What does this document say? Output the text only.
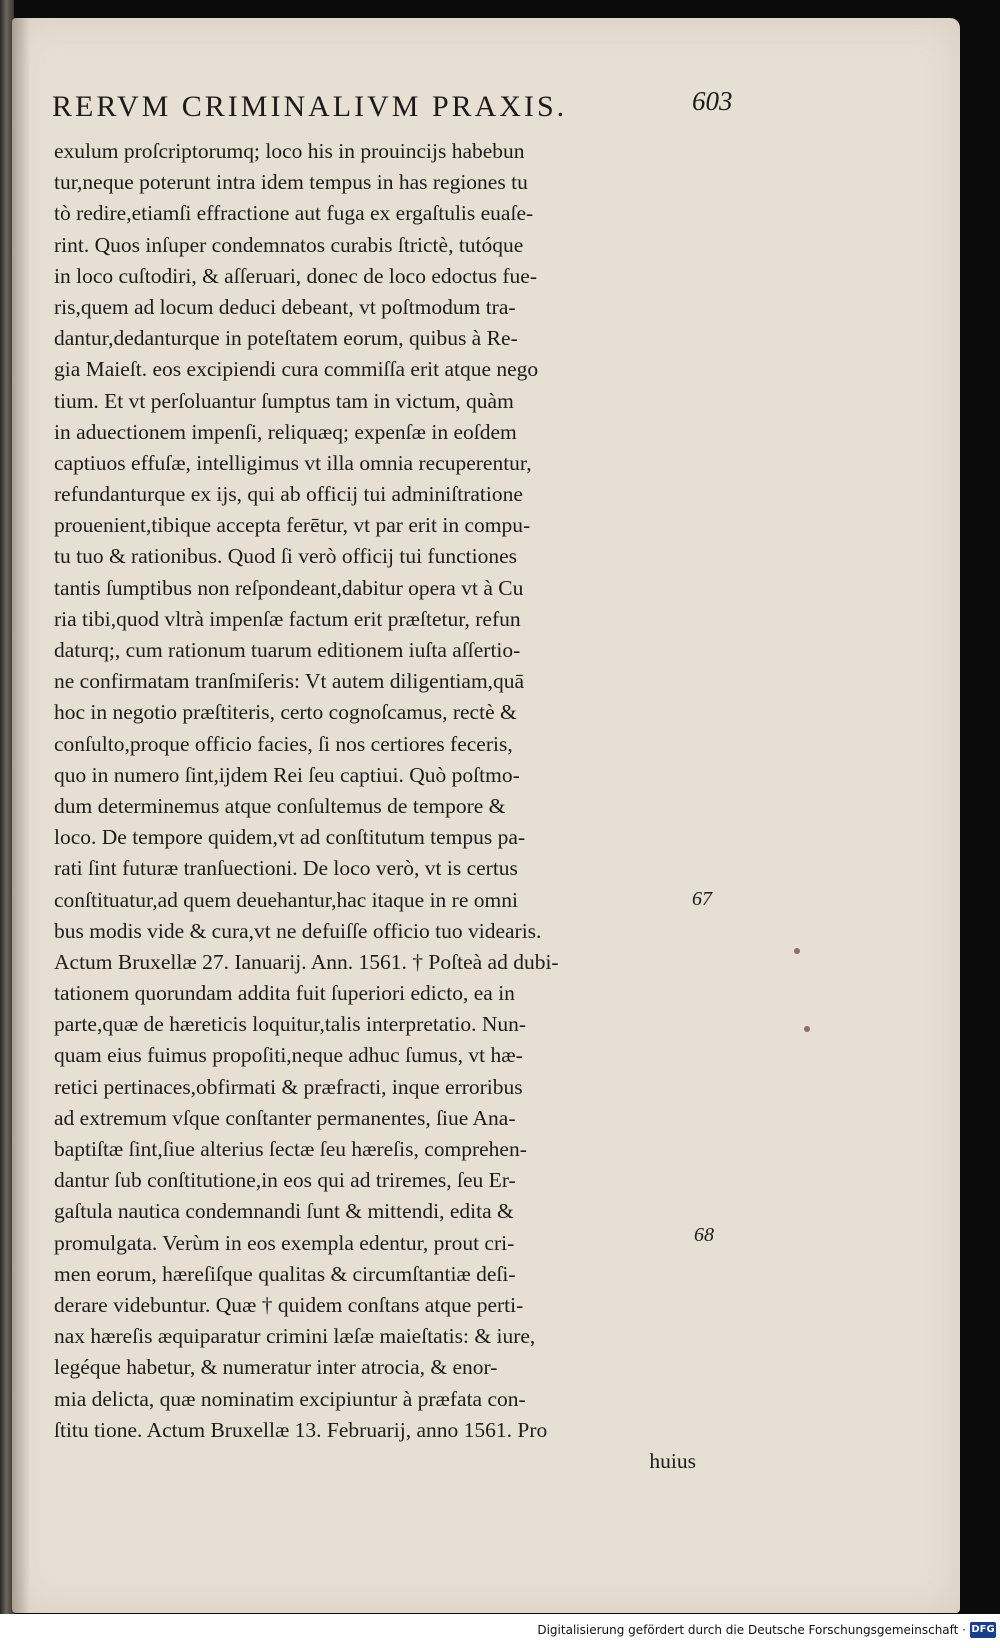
RERVM CRIMINALIVM PRAXIS.	603
exulum proſcriptorumq; loco his in prouincijs habebun
tur,neque poterunt intra idem tempus in has regiones tu
tò redire,etiamſi effractione aut fuga ex ergaſtulis euaſe-
rint. Quos inſuper condemnatos curabis ſtrictè, tutóque
in loco cuſtodiri, & aſſeruari, donec de loco edoctus fue-
ris,quem ad locum deduci debeant, vt poſtmodum tra-
dantur,dedanturque in poteſtatem eorum, quibus à Re-
gia Maieſt. eos excipiendi cura commiſſa erit atque nego
tium. Et vt perſoluantur ſumptus tam in victum, quàm
in aduectionem impenſi, reliquæq; expenſæ in eoſdem
captiuos effuſæ, intelligimus vt illa omnia recuperentur,
refundanturque ex ijs, qui ab officij tui adminiſtratione
prouenient,tibique accepta ferētur, vt par erit in compu-
tu tuo & rationibus. Quod ſi verò officij tui functiones
tantis ſumptibus non reſpondeant,dabitur opera vt à Cu
ria tibi,quod vltrà impenſæ factum erit præſtetur, refun
daturq;, cum rationum tuarum editionem iuſta aſſertio-
ne confirmatam tranſmiſeris: Vt autem diligentiam,quā
hoc in negotio præſtiteris, certo cognoſcamus, rectè &
conſulto,proque officio facies, ſi nos certiores feceris,
quo in numero ſint,ijdem Rei ſeu captiui. Quò poſtmo-
dum determinemus atque conſultemus de tempore &
loco. De tempore quidem,vt ad conſtitutum tempus pa-
rati ſint futuræ tranſuectioni. De loco verò, vt is certus
conſtituatur,ad quem deuehantur,hac itaque in re omni
bus modis vide & cura,vt ne defuiſſe officio tuo videaris.
Actum Bruxellæ 27. Ianuarij. Ann. 1561. † Poſteà ad dubi-
tationem quorundam addita fuit ſuperiori edicto, ea in
parte,quæ de hæreticis loquitur,talis interpretatio. Nun-
quam eius fuimus propoſiti,neque adhuc ſumus, vt hæ-
retici pertinaces,obfirmati & præfracti, inque erroribus
ad extremum vſque conſtanter permanentes, ſiue Ana-
baptiſtæ ſint,ſiue alterius ſectæ ſeu hæreſis, comprehen-
dantur ſub conſtitutione,in eos qui ad triremes, ſeu Er-
gaſtula nautica condemnandi ſunt & mittendi, edita &
promulgata. Verùm in eos exempla edentur, prout cri-
men eorum, hæreſiſque qualitas & circumſtantiæ deſi-
derare videbuntur. Quæ † quidem conſtans atque perti-
nax hæreſis æquiparatur crimini læſæ maieſtatis: & iure,
legéque habetur, & numeratur inter atrocia, & enor-
mia delicta, quæ nominatim excipiuntur à præfata con-
ſtitu tione. Actum Bruxellæ 13. Februarij, anno 1561. Pro
huius
67
68
Digitalisierung gefördert durch die Deutsche Forschungsgemeinschaft · DFG
